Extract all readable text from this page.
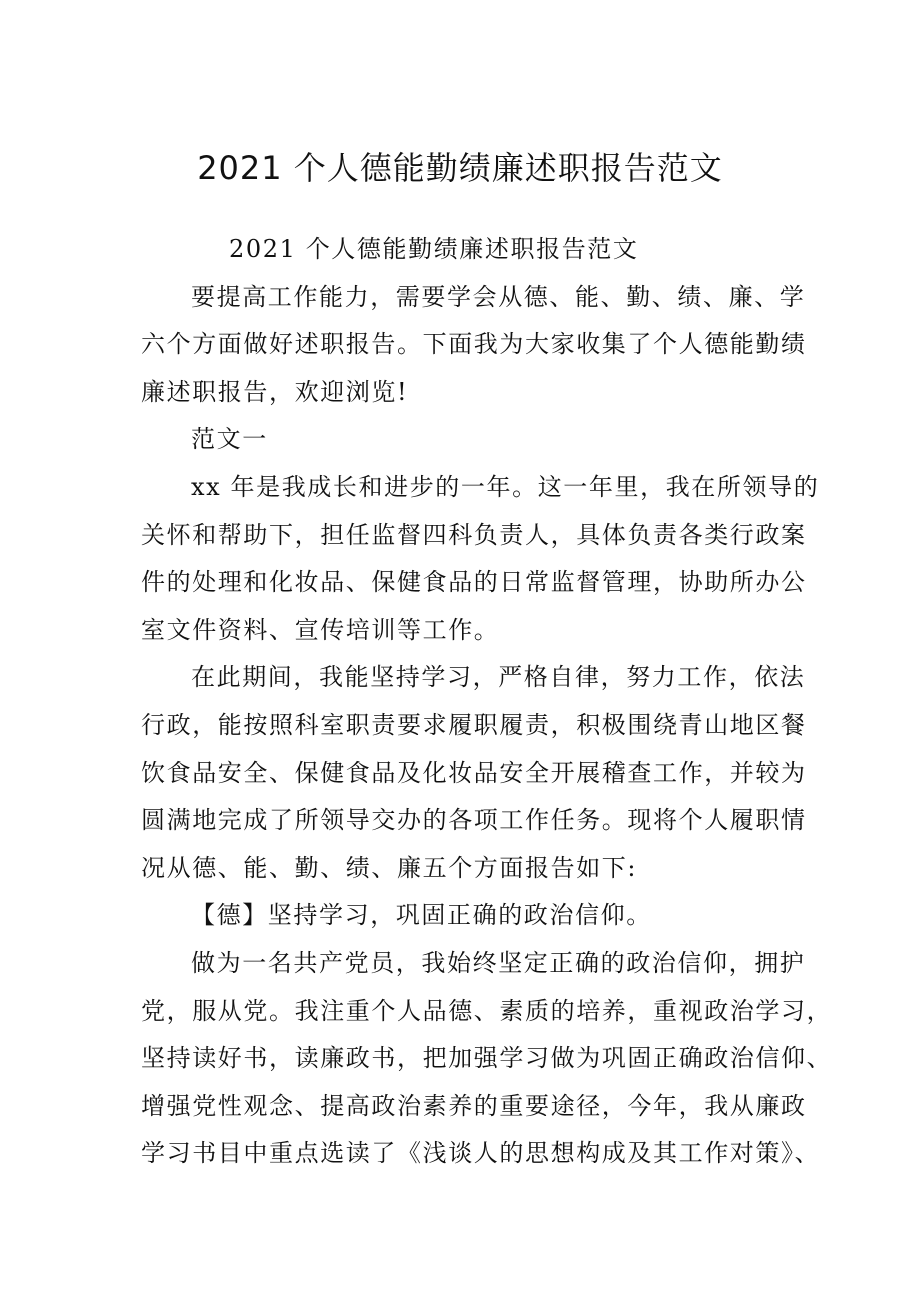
2021 个人德能勤绩廉述职报告范文
2021 个人德能勤绩廉述职报告范文
要提高工作能力，需要学会从德、能、勤、绩、廉、学
六个方面做好述职报告。下面我为大家收集了个人德能勤绩
廉述职报告，欢迎浏览!
范文一
xx 年是我成长和进步的一年。这一年里，我在所领导的
关怀和帮助下，担任监督四科负责人，具体负责各类行政案
件的处理和化妆品、保健食品的日常监督管理，协助所办公
室文件资料、宣传培训等工作。
在此期间，我能坚持学习，严格自律，努力工作，依法
行政，能按照科室职责要求履职履责，积极围绕青山地区餐
饮食品安全、保健食品及化妆品安全开展稽查工作，并较为
圆满地完成了所领导交办的各项工作任务。现将个人履职情
况从德、能、勤、绩、廉五个方面报告如下:
【德】坚持学习，巩固正确的政治信仰。
做为一名共产党员，我始终坚定正确的政治信仰，拥护
党，服从党。我注重个人品德、素质的培养，重视政治学习，
坚持读好书，读廉政书，把加强学习做为巩固正确政治信仰、
增强党性观念、提高政治素养的重要途径，今年，我从廉政
学习书目中重点选读了《浅谈人的思想构成及其工作对策》、
